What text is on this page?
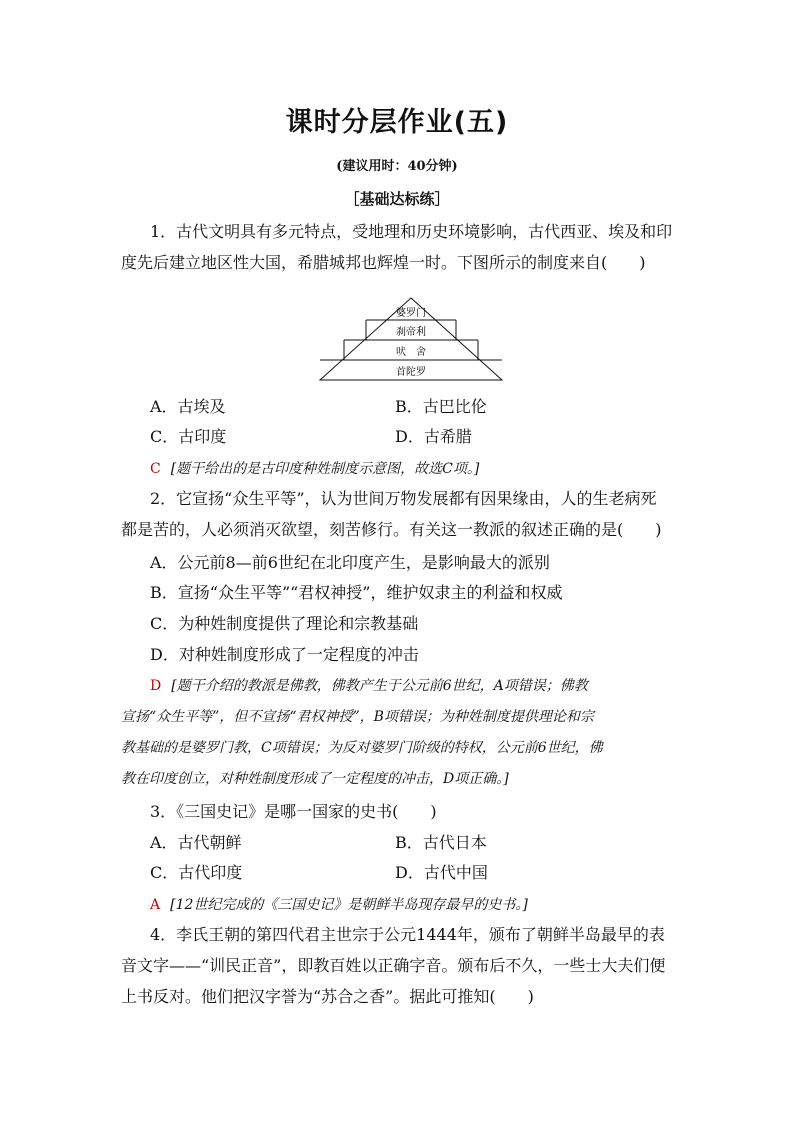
课时分层作业(五)
(建议用时：40分钟)
［基础达标练］
1．古代文明具有多元特点，受地理和历史环境影响，古代西亚、埃及和印
度先后建立地区性大国，希腊城邦也辉煌一时。下图所示的制度来自(　　)
婆罗门
刹帝利
吠　舍
首陀罗
A．古埃及	B．古巴比伦
C．古印度	D．古希腊
C [题干给出的是古印度种姓制度示意图，故选C项。]
2．它宣扬“众生平等”，认为世间万物发展都有因果缘由，人的生老病死
都是苦的，人必须消灭欲望，刻苦修行。有关这一教派的叙述正确的是(　　)
A．公元前8—前6世纪在北印度产生，是影响最大的派别
B．宣扬“众生平等”“君权神授”，维护奴隶主的利益和权威
C．为种姓制度提供了理论和宗教基础
D．对种姓制度形成了一定程度的冲击
D [题干介绍的教派是佛教，佛教产生于公元前6世纪，A项错误；佛教
宣扬“众生平等”，但不宣扬“君权神授”，B项错误；为种姓制度提供理论和宗
教基础的是婆罗门教，C项错误；为反对婆罗门阶级的特权，公元前6世纪，佛
教在印度创立，对种姓制度形成了一定程度的冲击，D项正确。]
3．《三国史记》是哪一国家的史书(　　)
A．古代朝鲜	B．古代日本
C．古代印度	D．古代中国
A [12世纪完成的《三国史记》是朝鲜半岛现存最早的史书。]
4．李氏王朝的第四代君主世宗于公元1444年，颁布了朝鲜半岛最早的表
音文字——“训民正音”，即教百姓以正确字音。颁布后不久，一些士大夫们便
上书反对。他们把汉字誉为“苏合之香”。据此可推知(　　)
